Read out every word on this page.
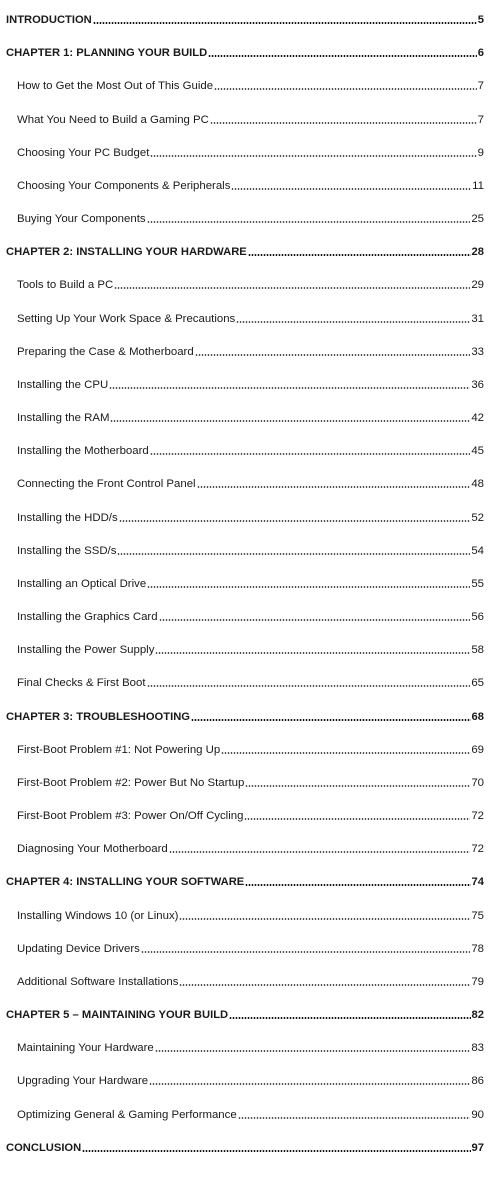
INTRODUCTION	5
CHAPTER 1: PLANNING YOUR BUILD	6
How to Get the Most Out of This Guide	7
What You Need to Build a Gaming PC	7
Choosing Your PC Budget	9
Choosing Your Components & Peripherals	11
Buying Your Components	25
CHAPTER 2: INSTALLING YOUR HARDWARE	28
Tools to Build a PC	29
Setting Up Your Work Space & Precautions	31
Preparing the Case & Motherboard	33
Installing the CPU	36
Installing the RAM	42
Installing the Motherboard	45
Connecting the Front Control Panel	48
Installing the HDD/s	52
Installing the SSD/s	54
Installing an Optical Drive	55
Installing the Graphics Card	56
Installing the Power Supply	58
Final Checks & First Boot	65
CHAPTER 3: TROUBLESHOOTING	68
First-Boot Problem #1: Not Powering Up	69
First-Boot Problem #2: Power But No Startup	70
First-Boot Problem #3: Power On/Off Cycling	72
Diagnosing Your Motherboard	72
CHAPTER 4: INSTALLING YOUR SOFTWARE	74
Installing Windows 10 (or Linux)	75
Updating Device Drivers	78
Additional Software Installations	79
CHAPTER 5 – MAINTAINING YOUR BUILD	82
Maintaining Your Hardware	83
Upgrading Your Hardware	86
Optimizing General & Gaming Performance	90
CONCLUSION	97
